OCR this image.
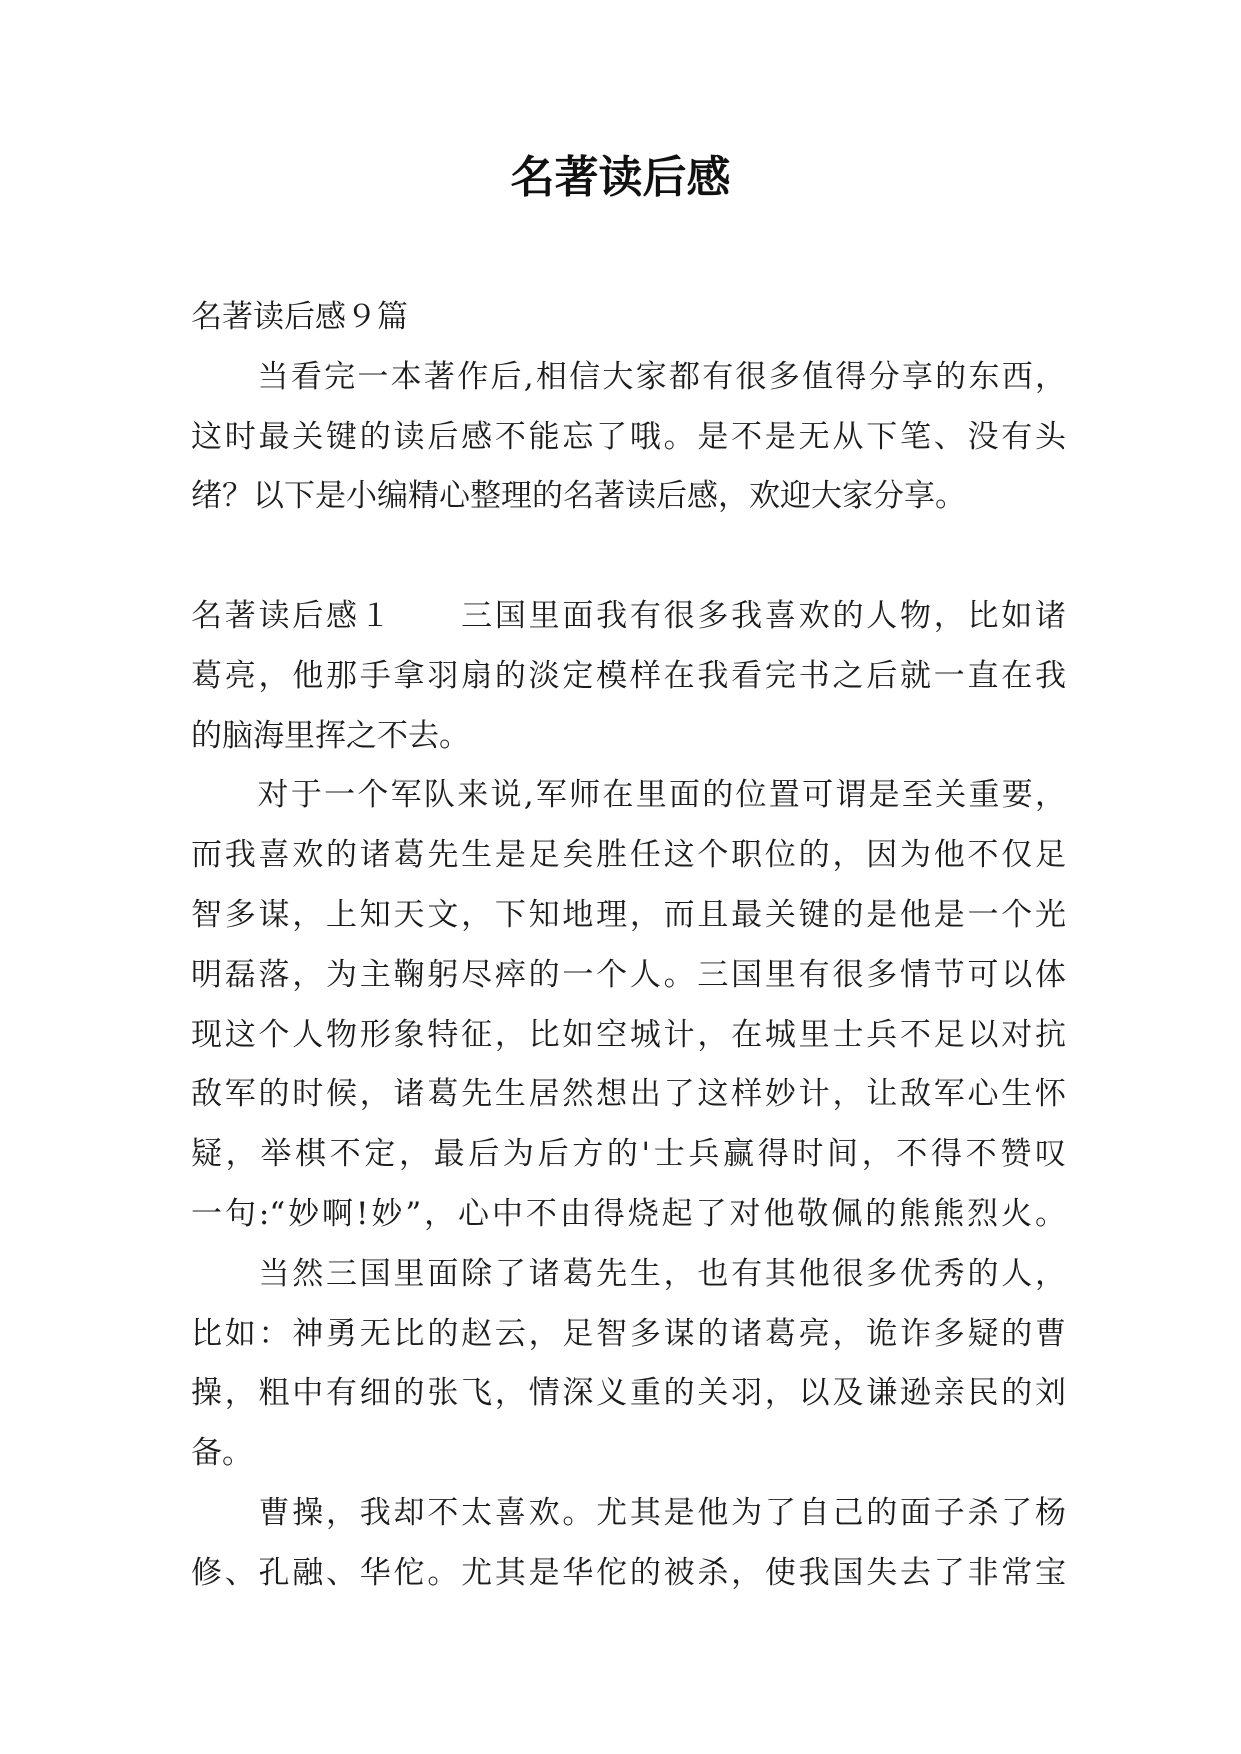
名著读后感
名著读后感９篇
　　当看完一本著作后,相信大家都有很多值得分享的东西，
这时最关键的读后感不能忘了哦。是不是无从下笔、没有头
绪？以下是小编精心整理的名著读后感，欢迎大家分享。
名著读后感１　　三国里面我有很多我喜欢的人物，比如诸
葛亮，他那手拿羽扇的淡定模样在我看完书之后就一直在我
的脑海里挥之不去。
　　对于一个军队来说,军师在里面的位置可谓是至关重要，
而我喜欢的诸葛先生是足矣胜任这个职位的，因为他不仅足
智多谋，上知天文，下知地理，而且最关键的是他是一个光
明磊落，为主鞠躬尽瘁的一个人。三国里有很多情节可以体
现这个人物形象特征，比如空城计，在城里士兵不足以对抗
敌军的时候，诸葛先生居然想出了这样妙计，让敌军心生怀
疑，举棋不定，最后为后方的'士兵赢得时间，不得不赞叹
一句:“妙啊!妙”，心中不由得烧起了对他敬佩的熊熊烈火。
　　当然三国里面除了诸葛先生，也有其他很多优秀的人，
比如：神勇无比的赵云，足智多谋的诸葛亮，诡诈多疑的曹
操，粗中有细的张飞，情深义重的关羽，以及谦逊亲民的刘
备。
　　曹操，我却不太喜欢。尤其是他为了自己的面子杀了杨
修、孔融、华佗。尤其是华佗的被杀，使我国失去了非常宝
